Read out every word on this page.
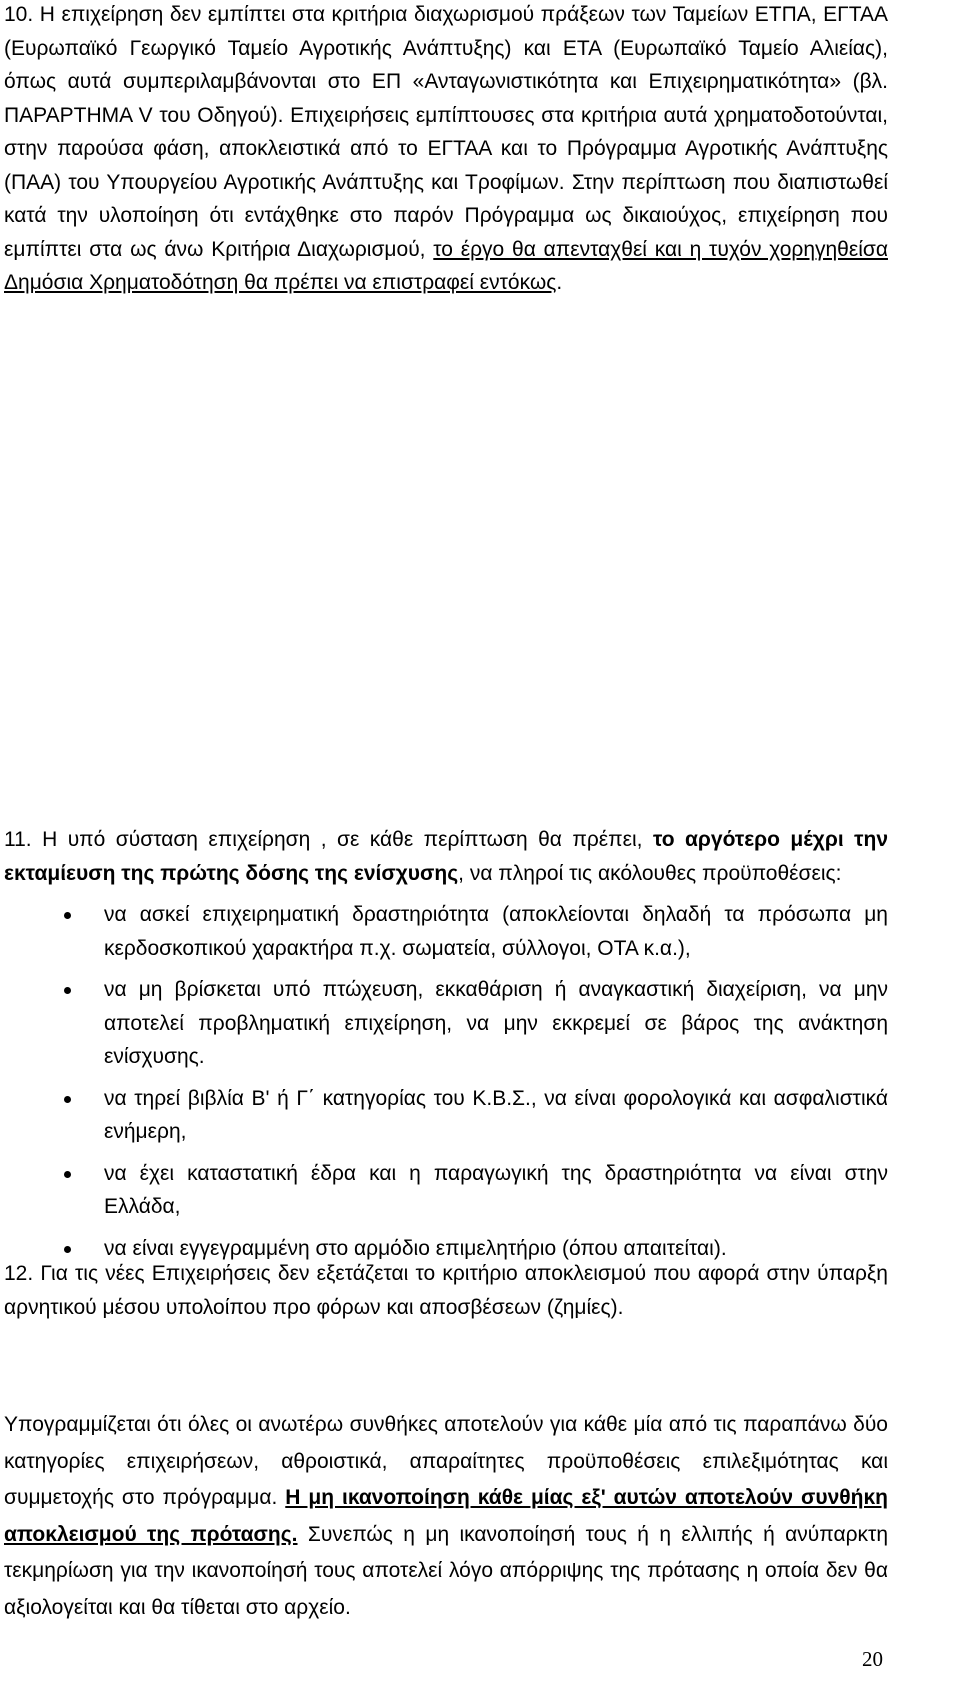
10. Η επιχείρηση δεν εμπίπτει στα κριτήρια διαχωρισμού πράξεων των Ταμείων ΕΤΠΑ, ΕΓΤΑΑ (Ευρωπαϊκό Γεωργικό Ταμείο Αγροτικής Ανάπτυξης) και ΕΤΑ (Ευρωπαϊκό Ταμείο Αλιείας), όπως αυτά συμπεριλαμβάνονται στο ΕΠ «Ανταγωνιστικότητα και Επιχειρηματικότητα» (βλ. ΠΑΡΑΡΤΗΜΑ V του Οδηγού). Επιχειρήσεις εμπίπτουσες στα κριτήρια αυτά χρηματοδοτούνται, στην παρούσα φάση, αποκλειστικά από το ΕΓΤΑΑ και το Πρόγραμμα Αγροτικής Ανάπτυξης (ΠΑΑ) του Υπουργείου Αγροτικής Ανάπτυξης και Τροφίμων. Στην περίπτωση που διαπιστωθεί κατά την υλοποίηση ότι εντάχθηκε στο παρόν Πρόγραμμα ως δικαιούχος, επιχείρηση που εμπίπτει στα ως άνω Κριτήρια Διαχωρισμού, το έργο θα απενταχθεί και η τυχόν χορηγηθείσα Δημόσια Χρηματοδότηση θα πρέπει να επιστραφεί εντόκως.

11. Η υπό σύσταση επιχείρηση , σε κάθε περίπτωση θα πρέπει, το αργότερο μέχρι την εκταμίευση της πρώτης δόσης της ενίσχυσης, να πληροί τις ακόλουθες προϋποθέσεις:

να ασκεί επιχειρηματική δραστηριότητα (αποκλείονται δηλαδή τα πρόσωπα μη κερδοσκοπικού χαρακτήρα π.χ. σωματεία, σύλλογοι, ΟΤΑ κ.α.),
να μη βρίσκεται υπό πτώχευση, εκκαθάριση ή αναγκαστική διαχείριση, να μην αποτελεί προβληματική επιχείρηση, να μην εκκρεμεί σε βάρος της ανάκτηση ενίσχυσης.
να τηρεί βιβλία Β' ή Γ΄ κατηγορίας του Κ.Β.Σ., να είναι φορολογικά και ασφαλιστικά ενήμερη,
να έχει καταστατική έδρα και η παραγωγική της δραστηριότητα να είναι στην Ελλάδα,
να είναι εγγεγραμμένη στο αρμόδιο επιμελητήριο (όπου απαιτείται).

12. Για τις νέες Επιχειρήσεις δεν εξετάζεται το κριτήριο αποκλεισμού που αφορά στην ύπαρξη αρνητικού μέσου υπολοίπου προ φόρων και αποσβέσεων (ζημίες).

Υπογραμμίζεται ότι όλες οι ανωτέρω συνθήκες αποτελούν για κάθε μία από τις παραπάνω δύο κατηγορίες επιχειρήσεων, αθροιστικά, απαραίτητες προϋποθέσεις επιλεξιμότητας και συμμετοχής στο πρόγραμμα. Η μη ικανοποίηση κάθε μίας εξ' αυτών αποτελούν συνθήκη αποκλεισμού της πρότασης. Συνεπώς η μη ικανοποίησή τους ή η ελλιπής ή ανύπαρκτη τεκμηρίωση για την ικανοποίησή τους αποτελεί λόγο απόρριψης της πρότασης η οποία δεν θα αξιολογείται και θα τίθεται στο αρχείο.

20
